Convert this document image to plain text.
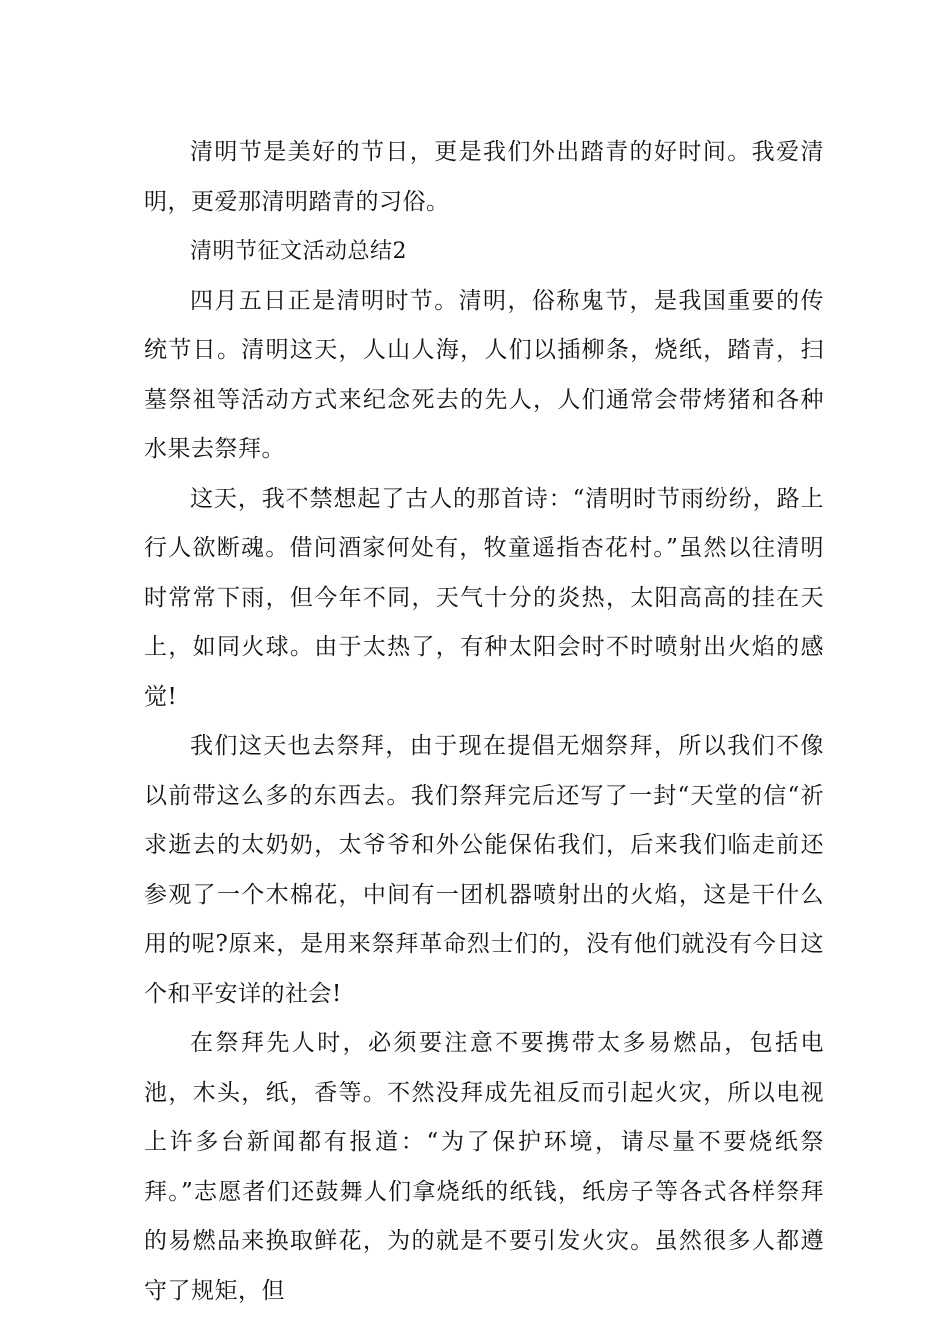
清明节是美好的节日，更是我们外出踏青的好时间。我爱清明，更爱那清明踏青的习俗。

清明节征文活动总结2

四月五日正是清明时节。清明，俗称鬼节，是我国重要的传统节日。清明这天，人山人海，人们以插柳条，烧纸，踏青，扫墓祭祖等活动方式来纪念死去的先人，人们通常会带烤猪和各种水果去祭拜。

这天，我不禁想起了古人的那首诗：“清明时节雨纷纷，路上行人欲断魂。借问酒家何处有，牧童遥指杏花村。”虽然以往清明时常常下雨，但今年不同，天气十分的炎热，太阳高高的挂在天上，如同火球。由于太热了，有种太阳会时不时喷射出火焰的感觉!

我们这天也去祭拜，由于现在提倡无烟祭拜，所以我们不像以前带这么多的东西去。我们祭拜完后还写了一封“天堂的信“祈求逝去的太奶奶，太爷爷和外公能保佑我们，后来我们临走前还参观了一个木棉花，中间有一团机器喷射出的火焰，这是干什么用的呢?原来，是用来祭拜革命烈士们的，没有他们就没有今日这个和平安详的社会!

在祭拜先人时，必须要注意不要携带太多易燃品，包括电池，木头，纸，香等。不然没拜成先祖反而引起火灾，所以电视上许多台新闻都有报道：“为了保护环境，请尽量不要烧纸祭拜。”志愿者们还鼓舞人们拿烧纸的纸钱，纸房子等各式各样祭拜的易燃品来换取鲜花，为的就是不要引发火灾。虽然很多人都遵守了规矩，但
